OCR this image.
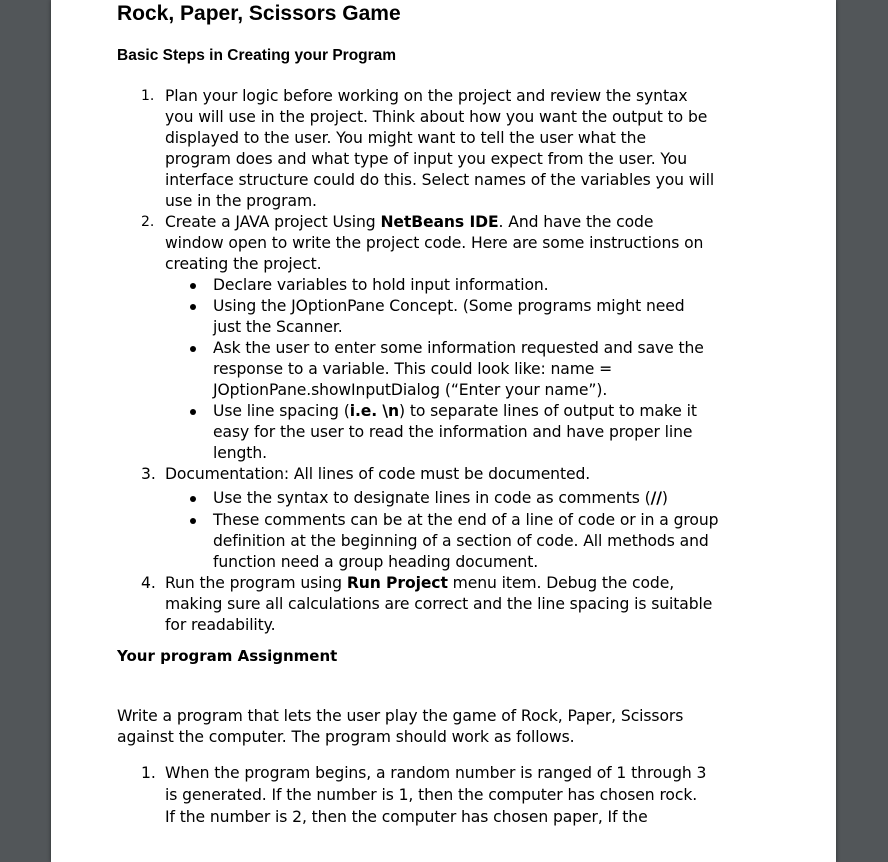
Rock, Paper, Scissors Game
Basic Steps in Creating your Program
1. Plan your logic before working on the project and review the syntax
you will use in the project. Think about how you want the output to be
displayed to the user. You might want to tell the user what the
program does and what type of input you expect from the user. You
interface structure could do this. Select names of the variables you will
use in the program.
2. Create a JAVA project Using NetBeans IDE. And have the code
window open to write the project code. Here are some instructions on
creating the project.
Declare variables to hold input information.
Using the JOptionPane Concept. (Some programs might need
just the Scanner.
Ask the user to enter some information requested and save the
response to a variable. This could look like: name =
JOptionPane.showInputDialog (“Enter your name”).
Use line spacing (i.e. \n) to separate lines of output to make it
easy for the user to read the information and have proper line
length.
3. Documentation: All lines of code must be documented.
Use the syntax to designate lines in code as comments (//)
These comments can be at the end of a line of code or in a group
definition at the beginning of a section of code. All methods and
function need a group heading document.
4. Run the program using Run Project menu item. Debug the code,
making sure all calculations are correct and the line spacing is suitable
for readability.
Your program Assignment
Write a program that lets the user play the game of Rock, Paper, Scissors
against the computer. The program should work as follows.
1. When the program begins, a random number is ranged of 1 through 3
is generated. If the number is 1, then the computer has chosen rock.
If the number is 2, then the computer has chosen paper, If the
